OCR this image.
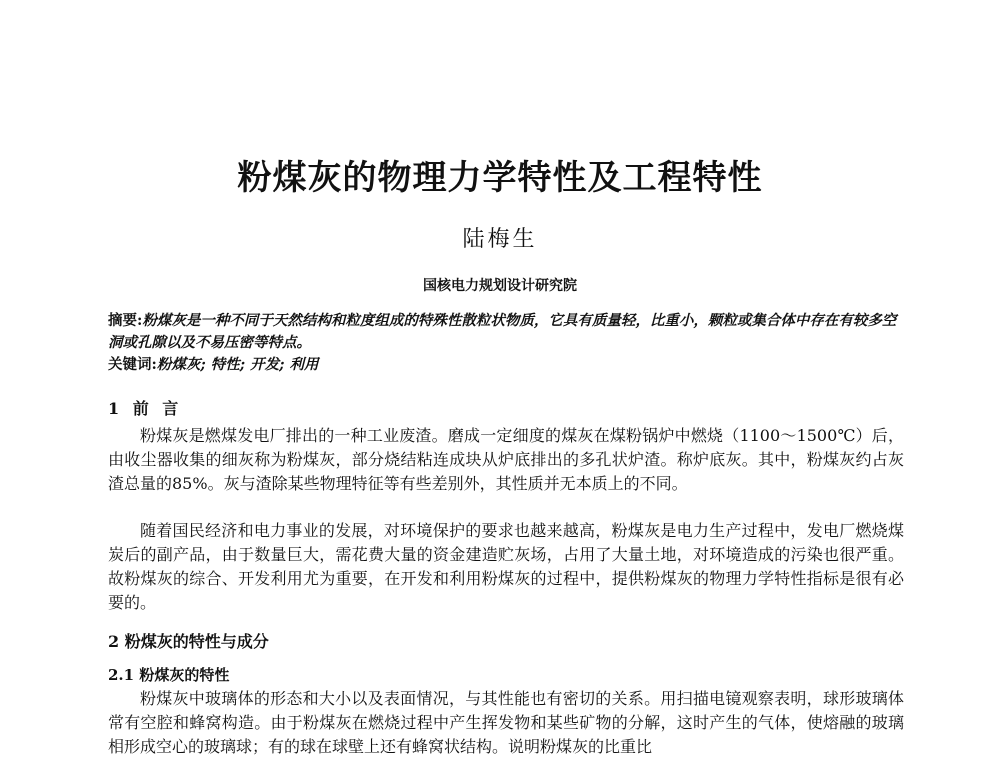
粉煤灰的物理力学特性及工程特性
陆梅生
国核电力规划设计研究院
摘要:粉煤灰是一种不同于天然结构和粒度组成的特殊性散粒状物质，它具有质量轻，比重小，颗粒或集合体中存在有较多空洞或孔隙以及不易压密等特点。
关键词:粉煤灰; 特性; 开发; 利用
1 前 言
粉煤灰是燃煤发电厂排出的一种工业废渣。磨成一定细度的煤灰在煤粉锅炉中燃烧（1100～1500℃）后，由收尘器收集的细灰称为粉煤灰，部分烧结粘连成块从炉底排出的多孔状炉渣。称炉底灰。其中，粉煤灰约占灰渣总量的85%。灰与渣除某些物理特征等有些差别外，其性质并无本质上的不同。
随着国民经济和电力事业的发展，对环境保护的要求也越来越高，粉煤灰是电力生产过程中，发电厂燃烧煤炭后的副产品，由于数量巨大，需花费大量的资金建造贮灰场，占用了大量土地，对环境造成的污染也很严重。故粉煤灰的综合、开发利用尤为重要，在开发和利用粉煤灰的过程中，提供粉煤灰的物理力学特性指标是很有必要的。
2 粉煤灰的特性与成分
2.1 粉煤灰的特性
粉煤灰中玻璃体的形态和大小以及表面情况，与其性能也有密切的关系。用扫描电镜观察表明，球形玻璃体常有空腔和蜂窝构造。由于粉煤灰在燃烧过程中产生挥发物和某些矿物的分解，这时产生的气体，使熔融的玻璃相形成空心的玻璃球；有的球在球壁上还有蜂窝状结构。说明粉煤灰的比重比
